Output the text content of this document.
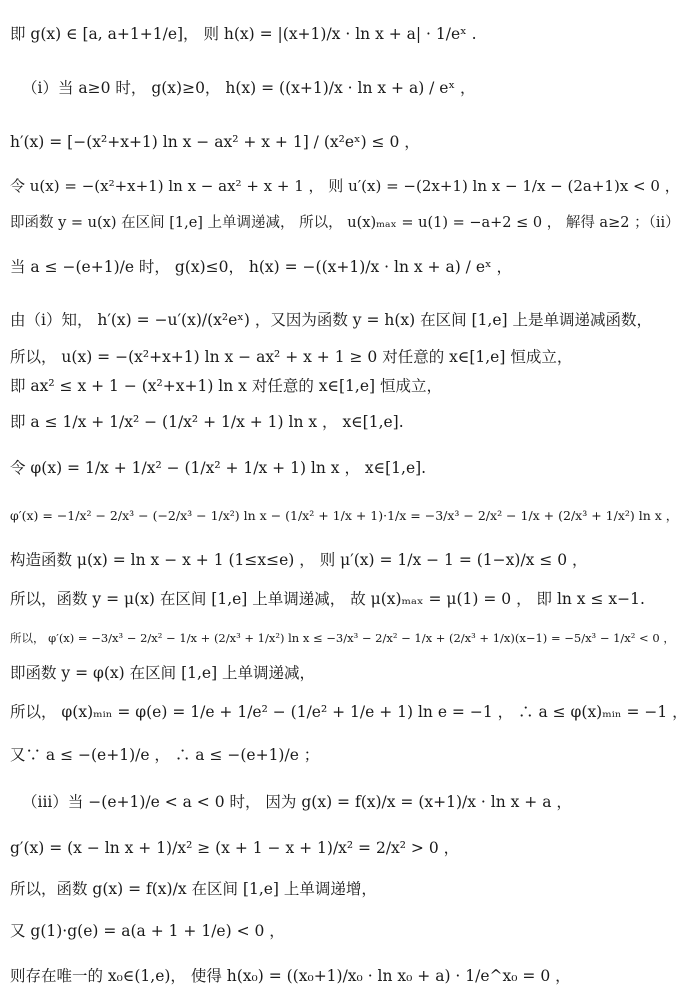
即 g(x) ∈ [a, a+1+1/e]， 则 h(x) = |(x+1)/x · ln x + a| · 1/eˣ .
（i）当 a≥0 时， g(x)≥0， h(x) = ((x+1)/x · ln x + a) / eˣ ，
h′(x) = [−(x²+x+1) ln x − ax² + x + 1] / (x²eˣ) ≤ 0 ，
令 u(x) = −(x²+x+1) ln x − ax² + x + 1 ， 则 u′(x) = −(2x+1) ln x − 1/x − (2a+1)x < 0 ，
即函数 y = u(x) 在区间 [1,e] 上单调递减， 所以， u(x)ₘₐₓ = u(1) = −a+2 ≤ 0 ， 解得 a≥2 ；（ii）
当 a ≤ −(e+1)/e 时， g(x)≤0， h(x) = −((x+1)/x · ln x + a) / eˣ ，
由（i）知， h′(x) = −u′(x)/(x²eˣ) ，又因为函数 y = h(x) 在区间 [1,e] 上是单调递减函数，
所以， u(x) = −(x²+x+1) ln x − ax² + x + 1 ≥ 0 对任意的 x∈[1,e] 恒成立，
即 ax² ≤ x + 1 − (x²+x+1) ln x 对任意的 x∈[1,e] 恒成立，
即 a ≤ 1/x + 1/x² − (1/x² + 1/x + 1) ln x ， x∈[1,e].
令 φ(x) = 1/x + 1/x² − (1/x² + 1/x + 1) ln x ， x∈[1,e].
φ′(x) = −1/x² − 2/x³ − (−2/x³ − 1/x²) ln x − (1/x² + 1/x + 1)·1/x = −3/x³ − 2/x² − 1/x + (2/x³ + 1/x²) ln x ，
构造函数 μ(x) = ln x − x + 1 (1≤x≤e) ， 则 μ′(x) = 1/x − 1 = (1−x)/x ≤ 0 ，
所以，函数 y = μ(x) 在区间 [1,e] 上单调递减， 故 μ(x)ₘₐₓ = μ(1) = 0 ， 即 ln x ≤ x−1.
所以， φ′(x) = −3/x³ − 2/x² − 1/x + (2/x³ + 1/x²) ln x ≤ −3/x³ − 2/x² − 1/x + (2/x³ + 1/x)(x−1) = −5/x³ − 1/x² < 0 ，
即函数 y = φ(x) 在区间 [1,e] 上单调递减，
所以， φ(x)ₘᵢₙ = φ(e) = 1/e + 1/e² − (1/e² + 1/e + 1) ln e = −1 ， ∴ a ≤ φ(x)ₘᵢₙ = −1 ，
又∵ a ≤ −(e+1)/e ， ∴ a ≤ −(e+1)/e ；
（iii）当 −(e+1)/e < a < 0 时， 因为 g(x) = f(x)/x = (x+1)/x · ln x + a ，
g′(x) = (x − ln x + 1)/x² ≥ (x + 1 − x + 1)/x² = 2/x² > 0 ，
所以，函数 g(x) = f(x)/x 在区间 [1,e] 上单调递增，
又 g(1)·g(e) = a(a + 1 + 1/e) < 0 ，
则存在唯一的 x₀∈(1,e)， 使得 h(x₀) = ((x₀+1)/x₀ · ln x₀ + a) · 1/e^x₀ = 0 ，
